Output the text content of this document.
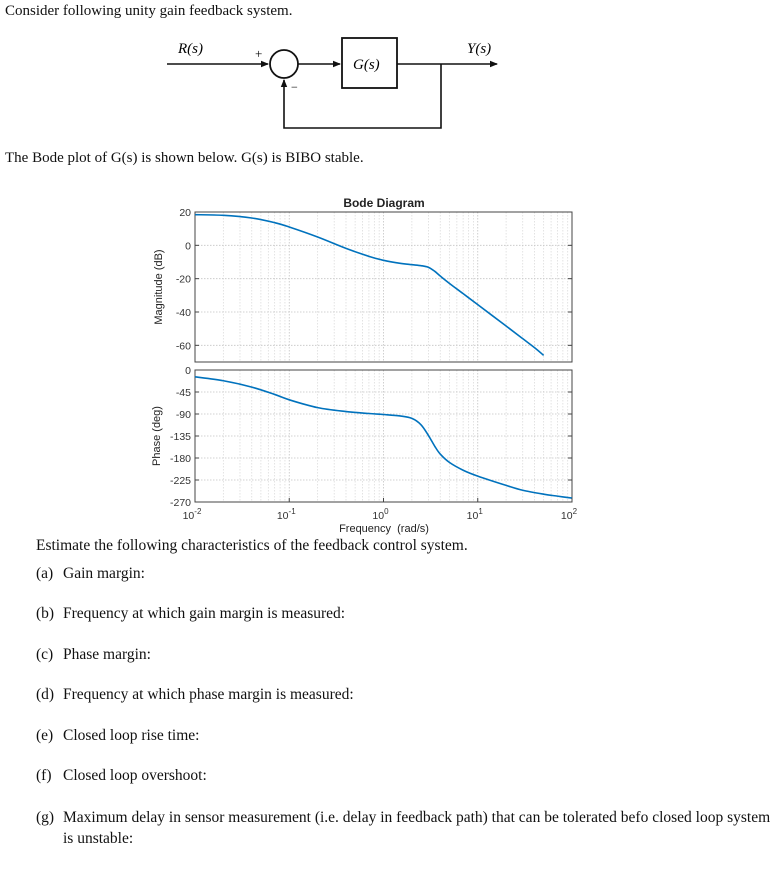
Consider following unity gain feedback system.
R(s)	+
−
G(s)
Y(s)
The Bode plot of G(s) is shown below. G(s) is BIBO stable.
Bode Diagram
20
0
-20
-40
-60
0
-45
-90
-135
-180
-225
-270
$10^{-2}$	$10^{-1}$	$10^0$	$10^1$	$10^2$
Magnitude (dB)
Phase (deg)
Frequency  (rad/s)
Estimate the following characteristics of the feedback control system.
(a) Gain margin:
(b) Frequency at which gain margin is measured:
(c) Phase margin:
(d) Frequency at which phase margin is measured:
(e) Closed loop rise time:
(f) Closed loop overshoot:
(g) Maximum delay in sensor measurement (i.e. delay in feedback path) that can be tolerated befo closed loop system is unstable:
